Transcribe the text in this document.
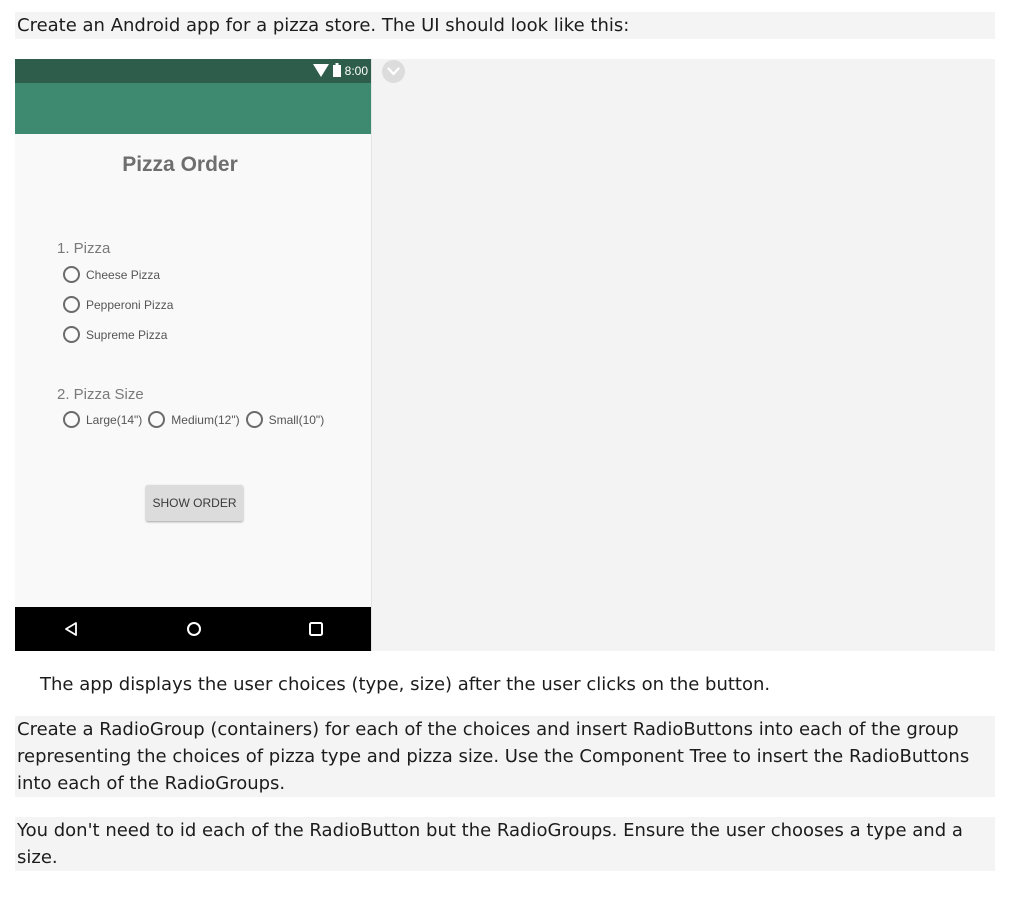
Create an Android app for a pizza store. The UI should look like this:
8:00
Pizza Order
1. Pizza
Cheese Pizza
Pepperoni Pizza
Supreme Pizza
2. Pizza Size
Large(14") Medium(12") Small(10")
SHOW ORDER
The app displays the user choices (type, size) after the user clicks on the button.
Create a RadioGroup (containers) for each of the choices and insert RadioButtons into each of the group representing the choices of pizza type and pizza size. Use the Component Tree to insert the RadioButtons into each of the RadioGroups.
You don't need to id each of the RadioButton but the RadioGroups. Ensure the user chooses a type and a size.
